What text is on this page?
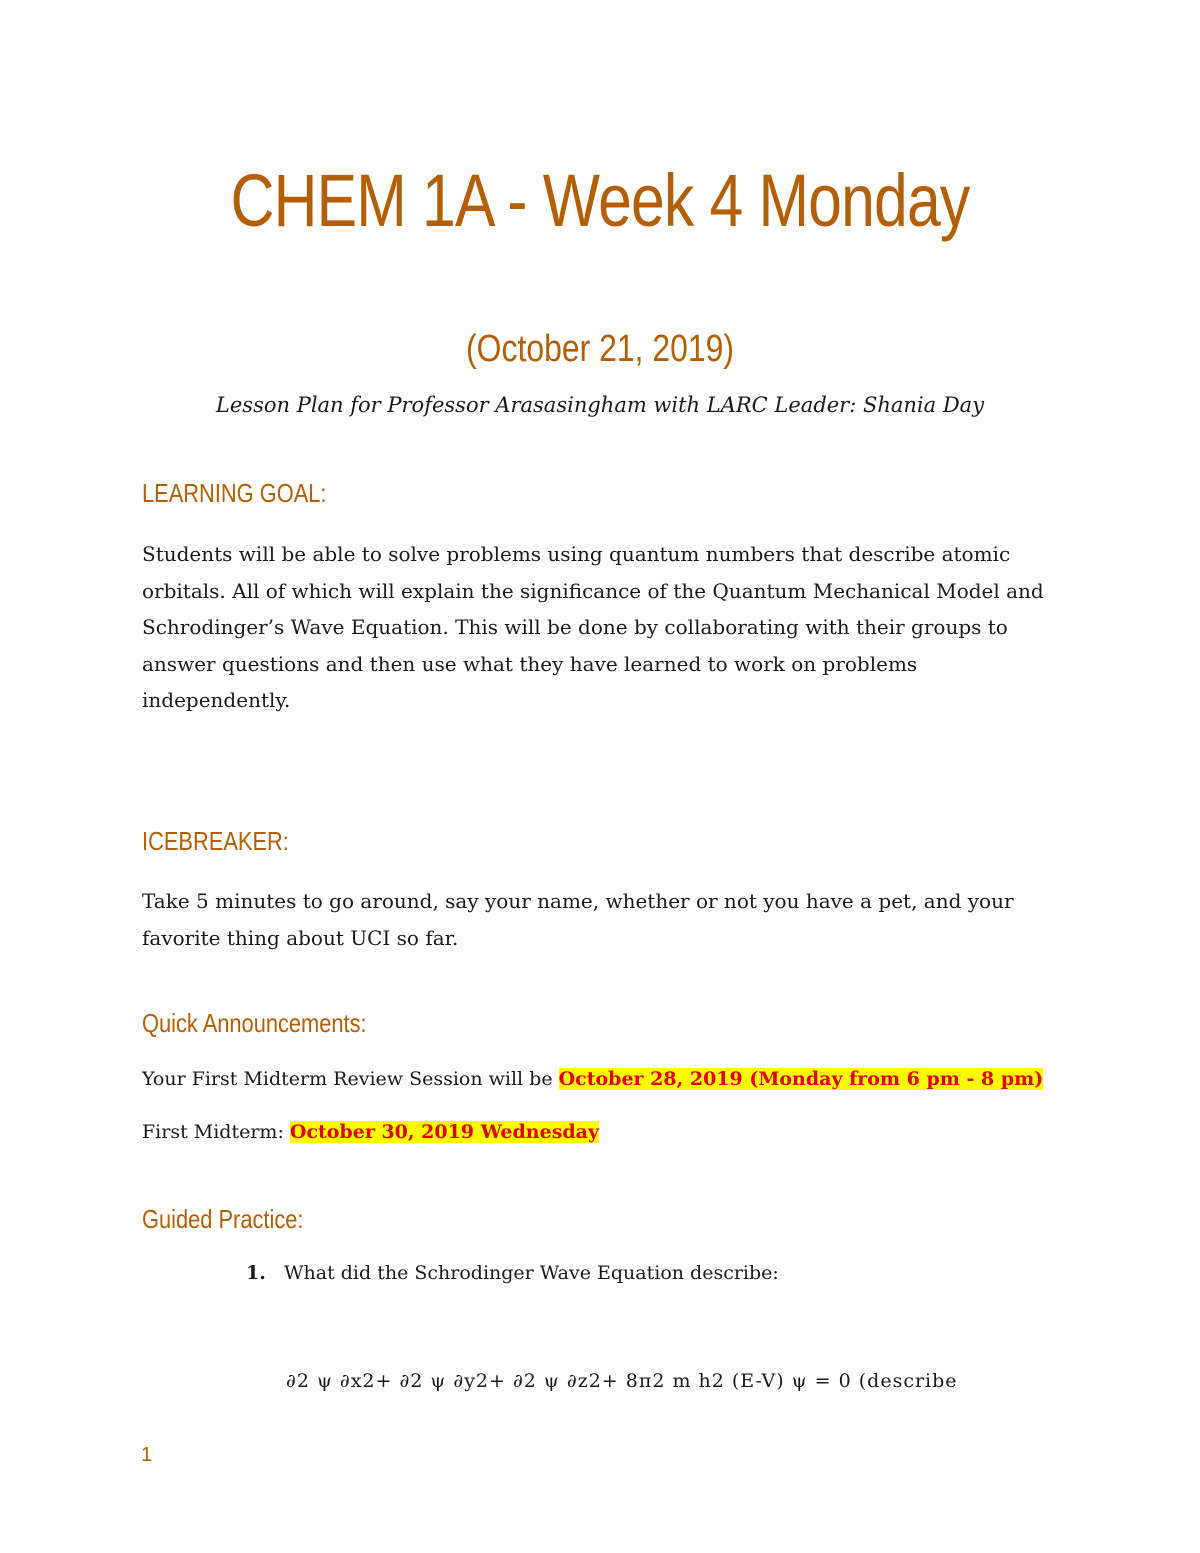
CHEM 1A - Week 4 Monday
(October 21, 2019)
Lesson Plan for Professor Arasasingham with LARC Leader: Shania Day
LEARNING GOAL:
Students will be able to solve problems using quantum numbers that describe atomic orbitals. All of which will explain the significance of the Quantum Mechanical Model and Schrodinger’s Wave Equation. This will be done by collaborating with their groups to answer questions and then use what they have learned to work on problems independently.
ICEBREAKER:
Take 5 minutes to go around, say your name, whether or not you have a pet, and your favorite thing about UCI so far.
Quick Announcements:
Your First Midterm Review Session will be October 28, 2019 (Monday from 6 pm - 8 pm)
First Midterm: October 30, 2019 Wednesday
Guided Practice:
1. What did the Schrodinger Wave Equation describe:
∂2 ψ ∂x2+ ∂2 ψ ∂y2+ ∂2 ψ ∂z2+ 8π2 m h2 (E-V) ψ = 0 (describe
1
